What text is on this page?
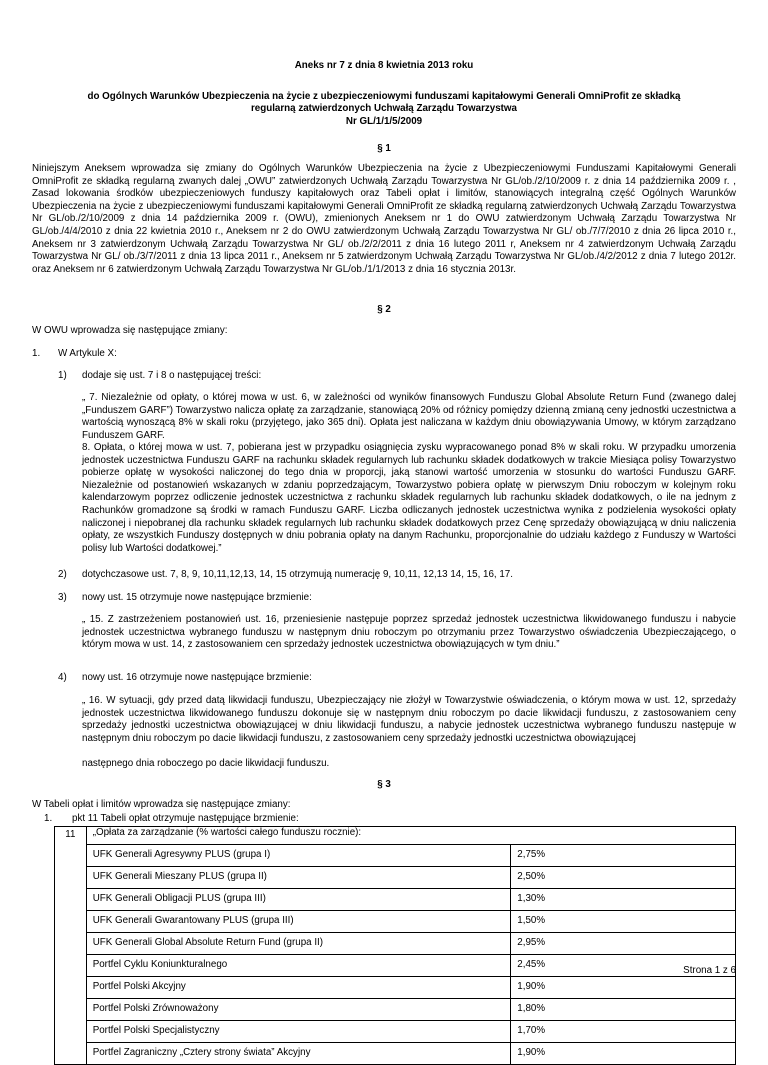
Aneks nr 7 z dnia 8 kwietnia 2013 roku
do Ogólnych Warunków Ubezpieczenia na życie z ubezpieczeniowymi funduszami kapitałowymi Generali OmniProfit ze składką
regularną zatwierdzonych Uchwałą Zarządu Towarzystwa
Nr GL/1/1/5/2009
§ 1
Niniejszym Aneksem wprowadza się zmiany do Ogólnych Warunków Ubezpieczenia na życie z Ubezpieczeniowymi Funduszami Kapitałowymi Generali OmniProfit ze składką regularną zwanych dalej „OWU” zatwierdzonych Uchwałą Zarządu Towarzystwa Nr GL/ob./2/10/2009 r. z dnia 14 października 2009 r. , Zasad lokowania środków ubezpieczeniowych funduszy kapitałowych oraz Tabeli opłat i limitów, stanowiących integralną część Ogólnych Warunków Ubezpieczenia na życie z ubezpieczeniowymi funduszami kapitałowymi Generali OmniProfit ze składką regularną zatwierdzonych Uchwałą Zarządu Towarzystwa Nr GL/ob./2/10/2009 z dnia 14 października 2009 r. (OWU), zmienionych Aneksem nr 1 do OWU zatwierdzonym Uchwałą Zarządu Towarzystwa Nr GL/ob./4/4/2010 z dnia 22 kwietnia 2010 r., Aneksem nr 2 do OWU zatwierdzonym Uchwałą Zarządu Towarzystwa Nr GL/ ob./7/7/2010 z dnia 26 lipca 2010 r., Aneksem nr 3 zatwierdzonym Uchwałą Zarządu Towarzystwa Nr GL/ ob./2/2/2011 z dnia 16 lutego 2011 r, Aneksem nr 4 zatwierdzonym Uchwałą Zarządu Towarzystwa Nr GL/ ob./3/7/2011 z dnia 13 lipca 2011 r., Aneksem nr 5 zatwierdzonym Uchwałą Zarządu Towarzystwa Nr GL/ob./4/2/2012 z dnia 7 lutego 2012r. oraz Aneksem nr 6 zatwierdzonym Uchwałą Zarządu Towarzystwa Nr GL/ob./1/1/2013 z dnia 16 stycznia 2013r.
§ 2
W OWU wprowadza się następujące zmiany:
1. W Artykule X:
1) dodaje się ust. 7 i 8 o następującej treści:
„ 7. Niezależnie od opłaty, o której mowa w ust. 6, w zależności od wyników finansowych Funduszu Global Absolute Return Fund (zwanego dalej „Funduszem GARF”) Towarzystwo nalicza opłatę za zarządzanie, stanowiącą 20% od różnicy pomiędzy dzienną zmianą ceny jednostki uczestnictwa a wartością wynoszącą 8% w skali roku (przyjętego, jako 365 dni). Opłata jest naliczana w każdym dniu obowiązywania Umowy, w którym zarządzano Funduszem GARF.
8. Opłata, o której mowa w ust. 7, pobierana jest w przypadku osiągnięcia zysku wypracowanego ponad 8% w skali roku. W przypadku umorzenia jednostek uczestnictwa Funduszu GARF na rachunku składek regularnych lub rachunku składek dodatkowych w trakcie Miesiąca polisy Towarzystwo pobierze opłatę w wysokości naliczonej do tego dnia w proporcji, jaką stanowi wartość umorzenia w stosunku do wartości Funduszu GARF. Niezależnie od postanowień wskazanych w zdaniu poprzedzającym, Towarzystwo pobiera opłatę w pierwszym Dniu roboczym w kolejnym roku kalendarzowym poprzez odliczenie jednostek uczestnictwa z rachunku składek regularnych lub rachunku składek dodatkowych, o ile na jednym z Rachunków gromadzone są środki w ramach Funduszu GARF. Liczba odliczanych jednostek uczestnictwa wynika z podzielenia wysokości opłaty naliczonej i niepobranej dla rachunku składek regularnych lub rachunku składek dodatkowych przez Cenę sprzedaży obowiązującą w dniu naliczenia opłaty, ze wszystkich Funduszy dostępnych w dniu pobrania opłaty na danym Rachunku, proporcjonalnie do udziału każdego z Funduszy w Wartości polisy lub Wartości dodatkowej.”
2) dotychczasowe ust. 7, 8, 9, 10,11,12,13, 14, 15 otrzymują numerację 9, 10,11, 12,13 14, 15, 16, 17.
3) nowy ust. 15 otrzymuje nowe następujące brzmienie:
„ 15. Z zastrzeżeniem postanowień ust. 16, przeniesienie następuje poprzez sprzedaż jednostek uczestnictwa likwidowanego funduszu i nabycie jednostek uczestnictwa wybranego funduszu w następnym dniu roboczym po otrzymaniu przez Towarzystwo oświadczenia Ubezpieczającego, o którym mowa w ust. 14, z zastosowaniem cen sprzedaży jednostek uczestnictwa obowiązujących w tym dniu.”
4) nowy ust. 16 otrzymuje nowe następujące brzmienie:
„ 16. W sytuacji, gdy przed datą likwidacji funduszu, Ubezpieczający nie złożył w Towarzystwie oświadczenia, o którym mowa w ust. 12, sprzedaży jednostek uczestnictwa likwidowanego funduszu dokonuje się w następnym dniu roboczym po dacie likwidacji funduszu, z zastosowaniem ceny sprzedaży jednostki uczestnictwa obowiązującej w dniu likwidacji funduszu, a nabycie jednostek uczestnictwa wybranego funduszu następuje w następnym dniu roboczym po dacie likwidacji funduszu, z zastosowaniem ceny sprzedaży jednostki uczestnictwa obowiązującej
następnego dnia roboczego po dacie likwidacji funduszu.
§ 3
W Tabeli opłat i limitów wprowadza się następujące zmiany:
1. pkt 11 Tabeli opłat otrzymuje następujące brzmienie:
11	„Opłata za zarządzanie (% wartości całego funduszu rocznie):	
	UFK Generali Agresywny PLUS (grupa I)	2,75%
	UFK Generali Mieszany PLUS (grupa II)	2,50%
	UFK Generali Obligacji PLUS (grupa III)	1,30%
	UFK Generali Gwarantowany PLUS (grupa III)	1,50%
	UFK Generali Global Absolute Return Fund (grupa II)	2,95%
	Portfel Cyklu Koniunkturalnego	2,45%
	Portfel Polski Akcyjny	1,90%
	Portfel Polski Zrównoważony	1,80%
	Portfel Polski Specjalistyczny	1,70%
	Portfel Zagraniczny „Cztery strony świata” Akcyjny	1,90%
Strona 1 z 6
